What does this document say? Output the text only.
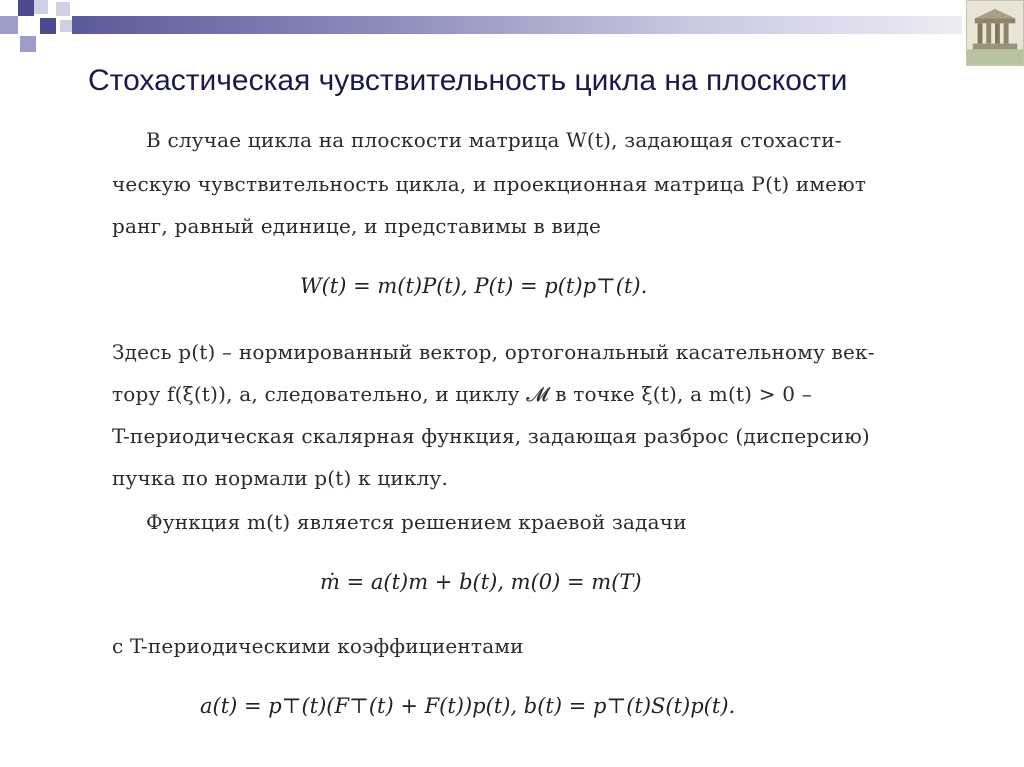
Стохастическая чувствительность цикла на плоскости
В случае цикла на плоскости матрица W(t), задающая стохасти-
ческую чувствительность цикла, и проекционная матрица P(t) имеют
ранг, равный единице, и представимы в виде
W(t) = m(t)P(t), P(t) = p(t)p⊤(t).
Здесь p(t) – нормированный вектор, ортогональный касательному век-
тору f(ξ(t)), а, следовательно, и циклу 𝓜 в точке ξ(t), а m(t) > 0 –
T-периодическая скалярная функция, задающая разброс (дисперсию)
пучка по нормали p(t) к циклу.
Функция m(t) является решением краевой задачи
ṁ = a(t)m + b(t), m(0) = m(T)
с T-периодическими коэффициентами
a(t) = p⊤(t)(F⊤(t) + F(t))p(t), b(t) = p⊤(t)S(t)p(t).
